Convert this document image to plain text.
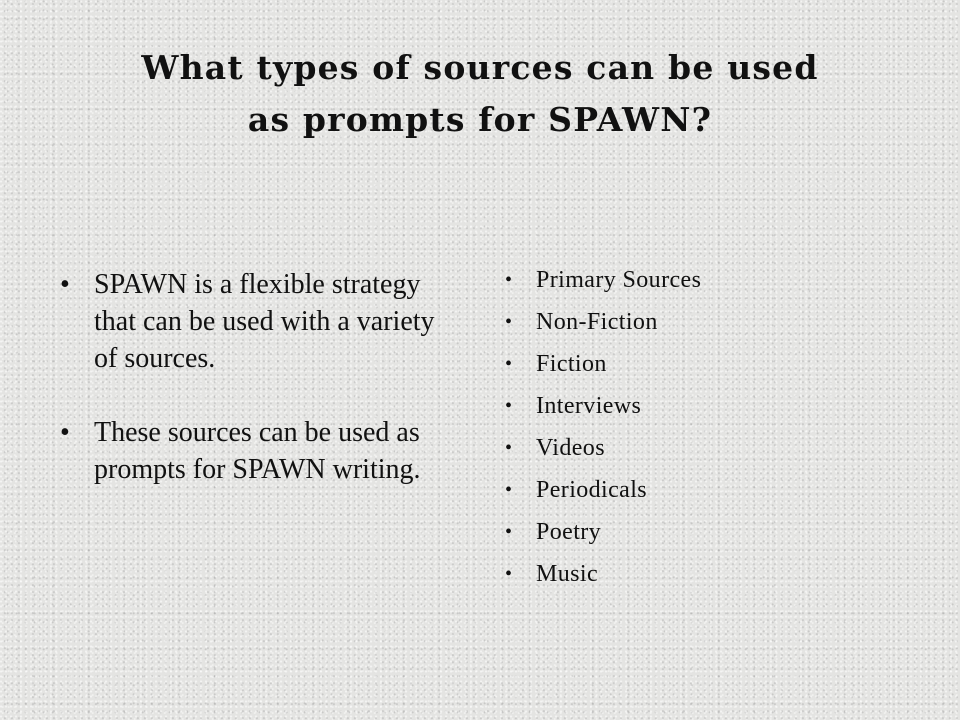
What types of sources can be used
as prompts for SPAWN?
• SPAWN is a flexible strategy that can be used with a variety of sources.
• These sources can be used as prompts for SPAWN writing.
• Primary Sources
• Non-Fiction
• Fiction
• Interviews
• Videos
• Periodicals
• Poetry
• Music
